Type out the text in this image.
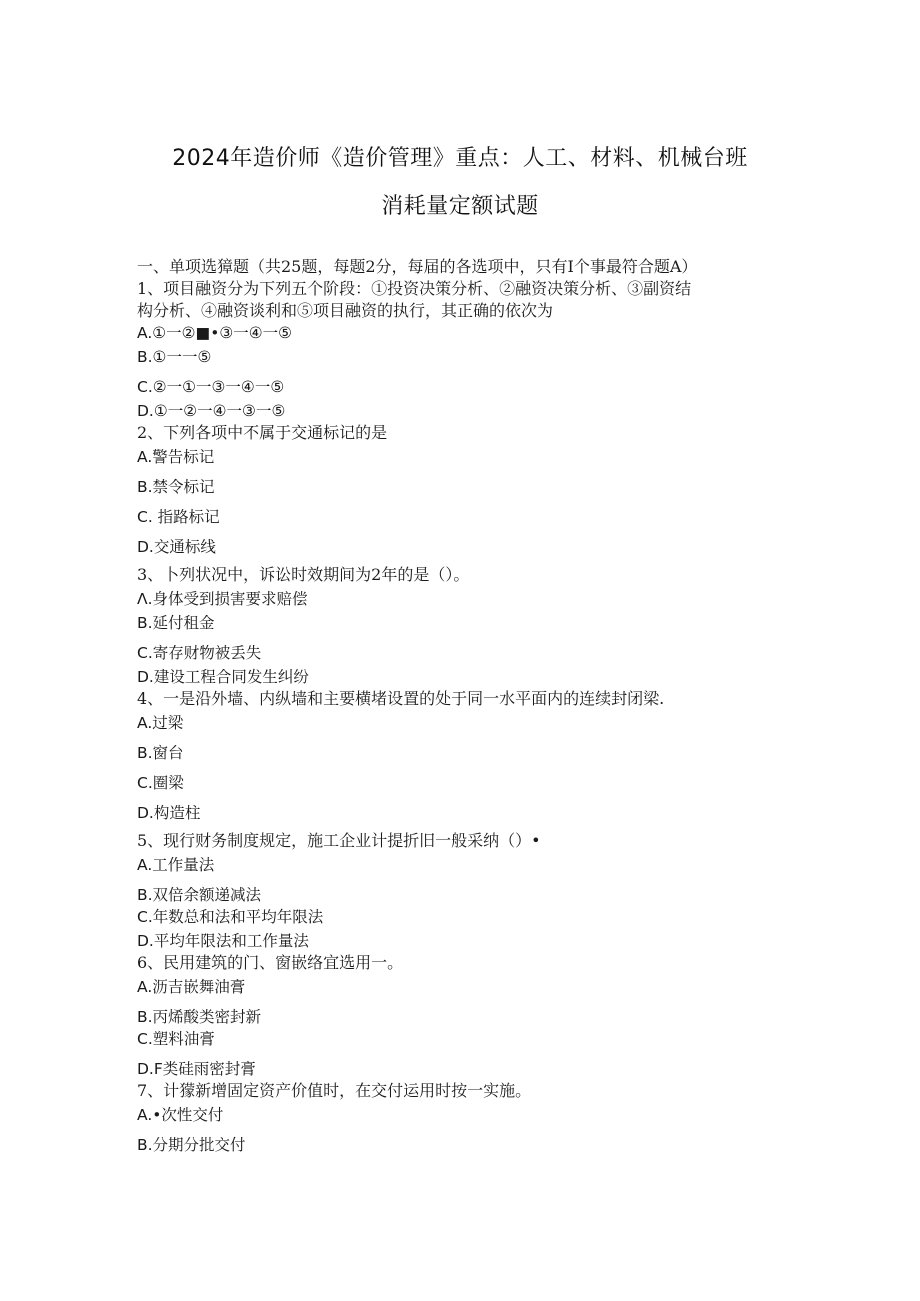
2024年造价师《造价管理》重点：人工、材料、机械台班
消耗量定额试题
一、单项选獐题（共25题，每题2分，每届的各选项中，只有I个事最符合题A）
1、项目融资分为下列五个阶段：①投资决策分析、②融资决策分析、③副资结
构分析、④融资谈利和⑤项目融资的执行，其正确的依次为
A.①一②■•③一④一⑤
B.①一一⑤
C.②一①一③一④一⑤
D.①一②一④一③一⑤
2、下列各项中不属于交通标记的是
A.警告标记
B.禁令标记
C. 指路标记
D.交通标线
3、卜列状况中，诉讼时效期间为2年的是（）。
Λ.身体受到损害要求赔偿
B.延付租金
C.寄存财物被丢失
D.建设工程合同发生纠纷
4、一是沿外墙、内纵墙和主要横堵设置的处于同一水平面内的连续封闭梁.
A.过梁
B.窗台
C.圈梁
D.构造柱
5、现行财务制度规定，施工企业计提折旧一般采纳（）•
A.工作量法
B.双倍余额递减法
C.年数总和法和平均年限法
D.平均年限法和工作量法
6、民用建筑的门、窗嵌络宜选用一。
A.沥吉嵌舞油膏
B.丙烯酸类密封新
C.塑料油膏
D.F类硅雨密封膏
7、计獴新增固定资产价值时，在交付运用时按一实施。
A.•次性交付
B.分期分批交付
